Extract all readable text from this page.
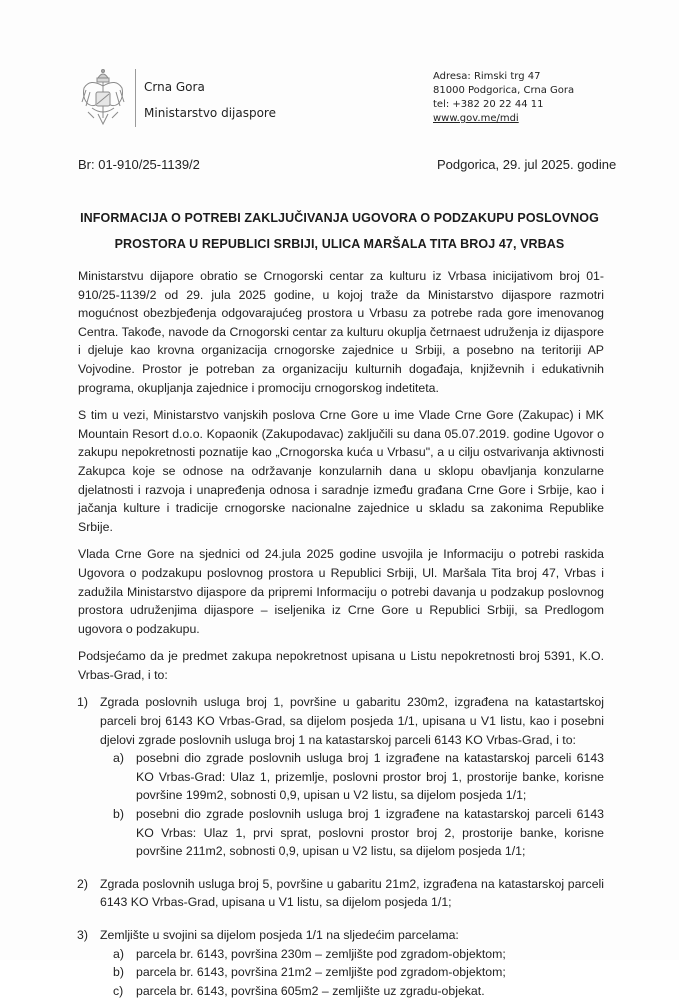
Crna Gora
Ministarstvo dijaspore
Adresa: Rimski trg 47
81000 Podgorica, Crna Gora
tel: +382 20 22 44 11
www.gov.me/mdi
Br: 01-910/25-1139/2	Podgorica, 29. jul 2025. godine
INFORMACIJA O POTREBI ZAKLJUČIVANJA UGOVORA O PODZAKUPU POSLOVNOG
PROSTORA U REPUBLICI SRBIJI, ULICA MARŠALA TITA BROJ 47, VRBAS

Ministarstvu dijapore obratio se Crnogorski centar za kulturu iz Vrbasa inicijativom broj 01-910/25-1139/2 od 29. jula 2025 godine, u kojoj traže da Ministarstvo dijaspore razmotri mogućnost obezbjeđenja odgovarajućeg prostora u Vrbasu za potrebe rada gore imenovanog Centra. Takođe, navode da Crnogorski centar za kulturu okuplja četrnaest udruženja iz dijaspore i djeluje kao krovna organizacija crnogorske zajednice u Srbiji, a posebno na teritoriji AP Vojvodine. Prostor je potreban za organizaciju kulturnih događaja, književnih i edukativnih programa, okupljanja zajednice i promociju crnogorskog indetiteta.

S tim u vezi, Ministarstvo vanjskih poslova Crne Gore u ime Vlade Crne Gore (Zakupac) i MK Mountain Resort d.o.o. Kopaonik (Zakupodavac) zaključili su dana 05.07.2019. godine Ugovor o zakupu nepokretnosti poznatije kao „Crnogorska kuća u Vrbasu", a u cilju ostvarivanja aktivnosti Zakupca koje se odnose na održavanje konzularnih dana u sklopu obavljanja konzularne djelatnosti i razvoja i unapređenja odnosa i saradnje između građana Crne Gore i Srbije, kao i jačanja kulture i tradicije crnogorske nacionalne zajednice u skladu sa zakonima Republike Srbije.

Vlada Crne Gore na sjednici od 24.jula 2025 godine usvojila je Informaciju o potrebi raskida Ugovora o podzakupu poslovnog prostora u Republici Srbiji, Ul. Maršala Tita broj 47, Vrbas i zadužila Ministarstvo dijaspore da pripremi Informaciju o potrebi davanja u podzakup poslovnog prostora udruženjima dijaspore – iseljenika iz Crne Gore u Republici Srbiji, sa Predlogom ugovora o podzakupu.

Podsjećamo da je predmet zakupa nepokretnost upisana u Listu nepokretnosti broj 5391, K.O. Vrbas-Grad, i to:

1) Zgrada poslovnih usluga broj 1, površine u gabaritu 230m2, izgrađena na katastartskoj parceli broj 6143 KO Vrbas-Grad, sa dijelom posjeda 1/1, upisana u V1 listu, kao i posebni djelovi zgrade poslovnih usluga broj 1 na katastarskoj parceli 6143 KO Vrbas-Grad, i to:
a) posebni dio zgrade poslovnih usluga broj 1 izgrađene na katastarskoj parceli 6143 KO Vrbas-Grad: Ulaz 1, prizemlje, poslovni prostor broj 1, prostorije banke, korisne površine 199m2, sobnosti 0,9, upisan u V2 listu, sa dijelom posjeda 1/1;
b) posebni dio zgrade poslovnih usluga broj 1 izgrađene na katastarskoj parceli 6143 KO Vrbas: Ulaz 1, prvi sprat, poslovni prostor broj 2, prostorije banke, korisne površine 211m2, sobnosti 0,9, upisan u V2 listu, sa dijelom posjeda 1/1;
2) Zgrada poslovnih usluga broj 5, površine u gabaritu 21m2, izgrađena na katastarskoj parceli 6143 KO Vrbas-Grad, upisana u V1 listu, sa dijelom posjeda 1/1;
3) Zemljište u svojini sa dijelom posjeda 1/1 na sljedećim parcelama:
a) parcela br. 6143, površina 230m – zemljište pod zgradom-objektom;
b) parcela br. 6143, površina 21m2 – zemljište pod zgradom-objektom;
c) parcela br. 6143, površina 605m2 – zemljište uz zgradu-objekat.
